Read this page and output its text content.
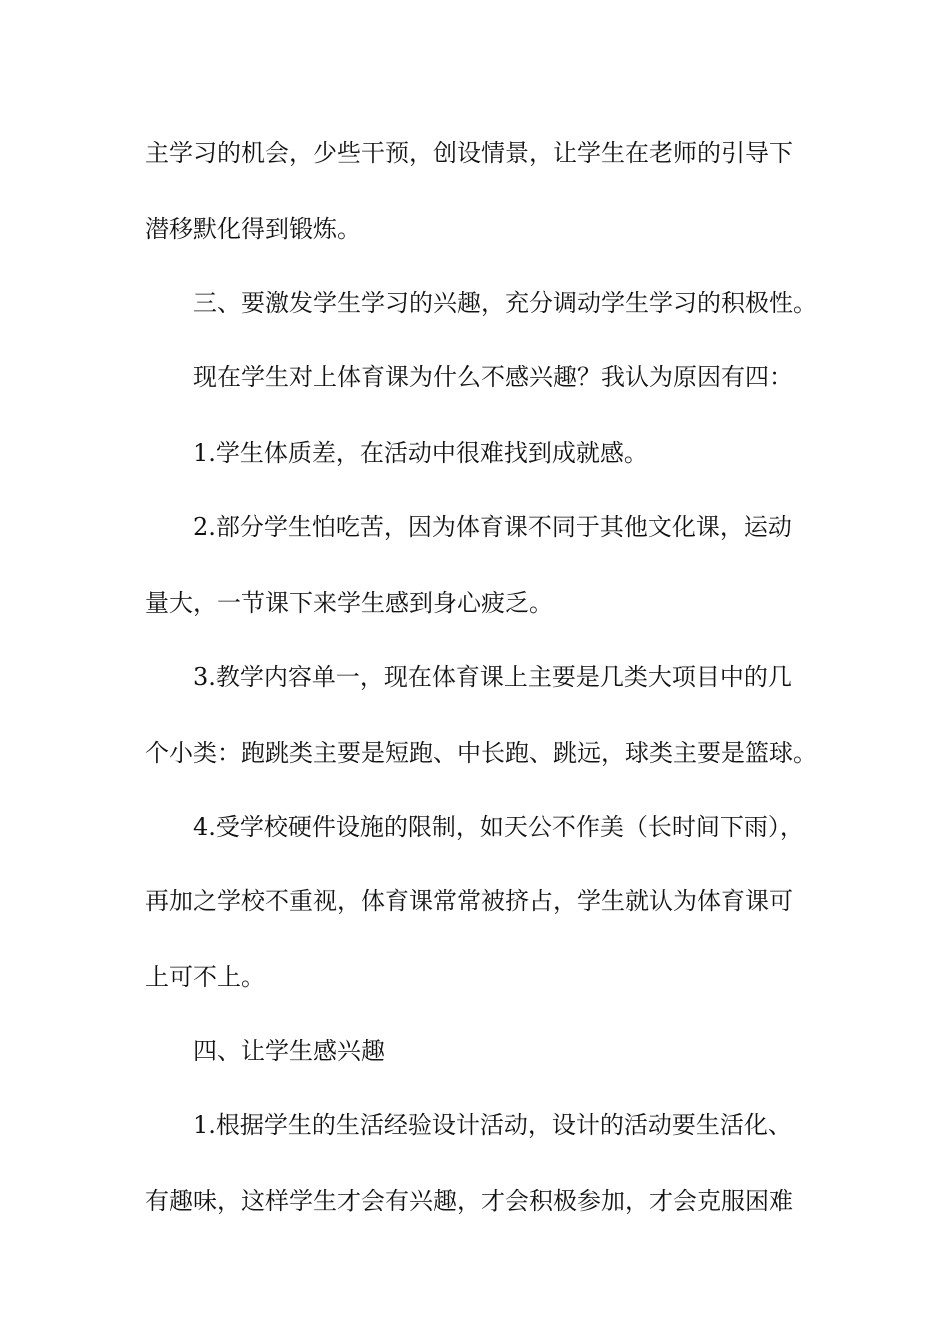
主学习的机会，少些干预，创设情景，让学生在老师的引导下

潜移默化得到锻炼。

三、要激发学生学习的兴趣，充分调动学生学习的积极性。

现在学生对上体育课为什么不感兴趣？我认为原因有四：

1.学生体质差，在活动中很难找到成就感。

2.部分学生怕吃苦，因为体育课不同于其他文化课，运动

量大，一节课下来学生感到身心疲乏。

3.教学内容单一，现在体育课上主要是几类大项目中的几

个小类：跑跳类主要是短跑、中长跑、跳远，球类主要是篮球。

4.受学校硬件设施的限制，如天公不作美（长时间下雨），

再加之学校不重视，体育课常常被挤占，学生就认为体育课可

上可不上。

四、让学生感兴趣

1.根据学生的生活经验设计活动，设计的活动要生活化、

有趣味，这样学生才会有兴趣，才会积极参加，才会克服困难
